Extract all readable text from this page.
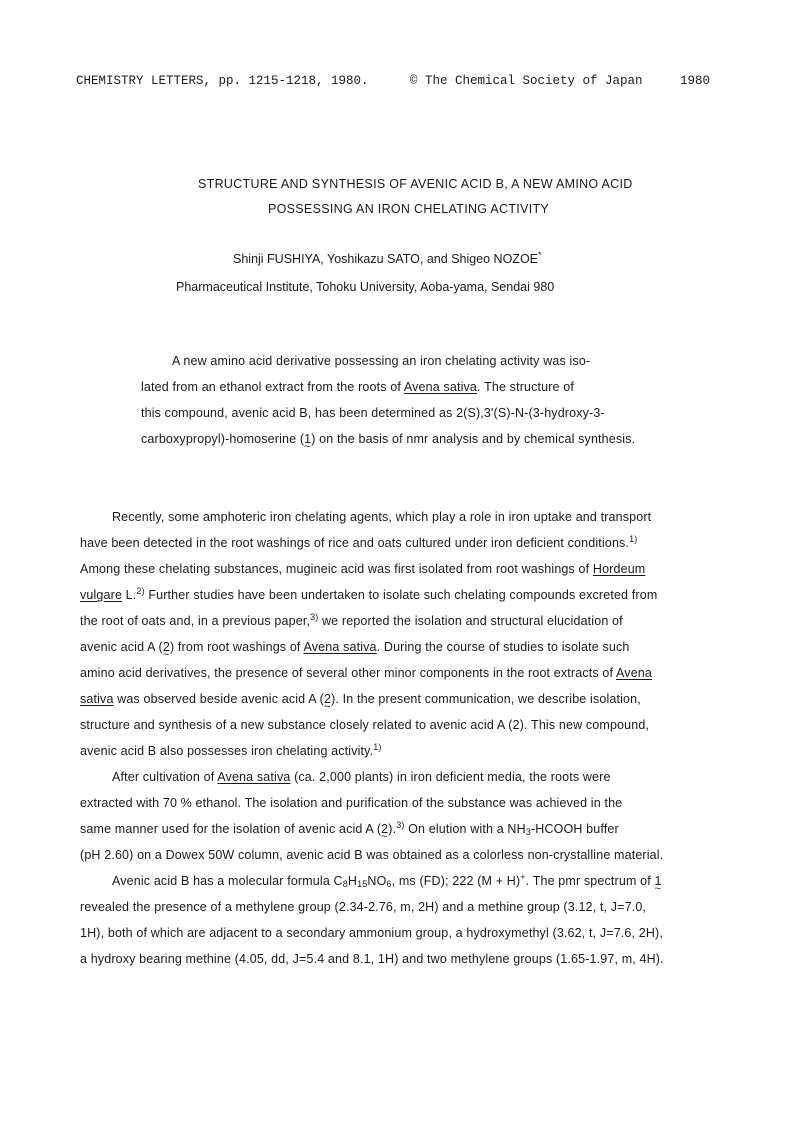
CHEMISTRY LETTERS, pp. 1215-1218, 1980.	© The Chemical Society of Japan	1980
STRUCTURE AND SYNTHESIS OF AVENIC ACID B, A NEW AMINO ACID
POSSESSING AN IRON CHELATING ACTIVITY
Shinji FUSHIYA, Yoshikazu SATO, and Shigeo NOZOE*
Pharmaceutical Institute, Tohoku University, Aoba-yama, Sendai 980
A new amino acid derivative possessing an iron chelating activity was iso-
lated from an ethanol extract from the roots of Avena sativa. The structure of
this compound, avenic acid B, has been determined as 2(S),3'(S)-N-(3-hydroxy-3-
carboxypropyl)-homoserine (1 ~) on the basis of nmr analysis and by chemical synthesis.
Recently, some amphoteric iron chelating agents, which play a role in iron uptake and transport
have been detected in the root washings of rice and oats cultured under iron deficient conditions.$^{1)}$
Among these chelating substances, mugineic acid was first isolated from root washings of Hordeum
vulgare L.$^{2)}$ Further studies have been undertaken to isolate such chelating compounds excreted from
the root of oats and, in a previous paper,$^{3)}$ we reported the isolation and structural elucidation of
avenic acid A (2 ~) from root washings of Avena sativa. During the course of studies to isolate such
amino acid derivatives, the presence of several other minor components in the root extracts of Avena
sativa was observed beside avenic acid A (2 ~). In the present communication, we describe isolation,
structure and synthesis of a new substance closely related to avenic acid A (2). This new compound,
avenic acid B also possesses iron chelating activity.$^{1)}$
After cultivation of Avena sativa (ca. 2,000 plants) in iron deficient media, the roots were
extracted with 70 % ethanol. The isolation and purification of the substance was achieved in the
same manner used for the isolation of avenic acid A (2 ~).$^{3)}$ On elution with a $NH_3$-HCOOH buffer
(pH 2.60) on a Dowex 50W column, avenic acid B was obtained as a colorless non-crystalline material.
Avenic acid B has a molecular formula $C_8H_{15}NO_6$, ms (FD); 222 (M + H)+. The pmr spectrum of 1 ~
revealed the presence of a methylene group (2.34-2.76, m, 2H) and a methine group (3.12, t, J=7.0,
1H), both of which are adjacent to a secondary ammonium group, a hydroxymethyl (3.62, t, J=7.6, 2H),
a hydroxy bearing methine (4.05, dd, J=5.4 and 8.1, 1H) and two methylene groups (1.65-1.97, m, 4H).
